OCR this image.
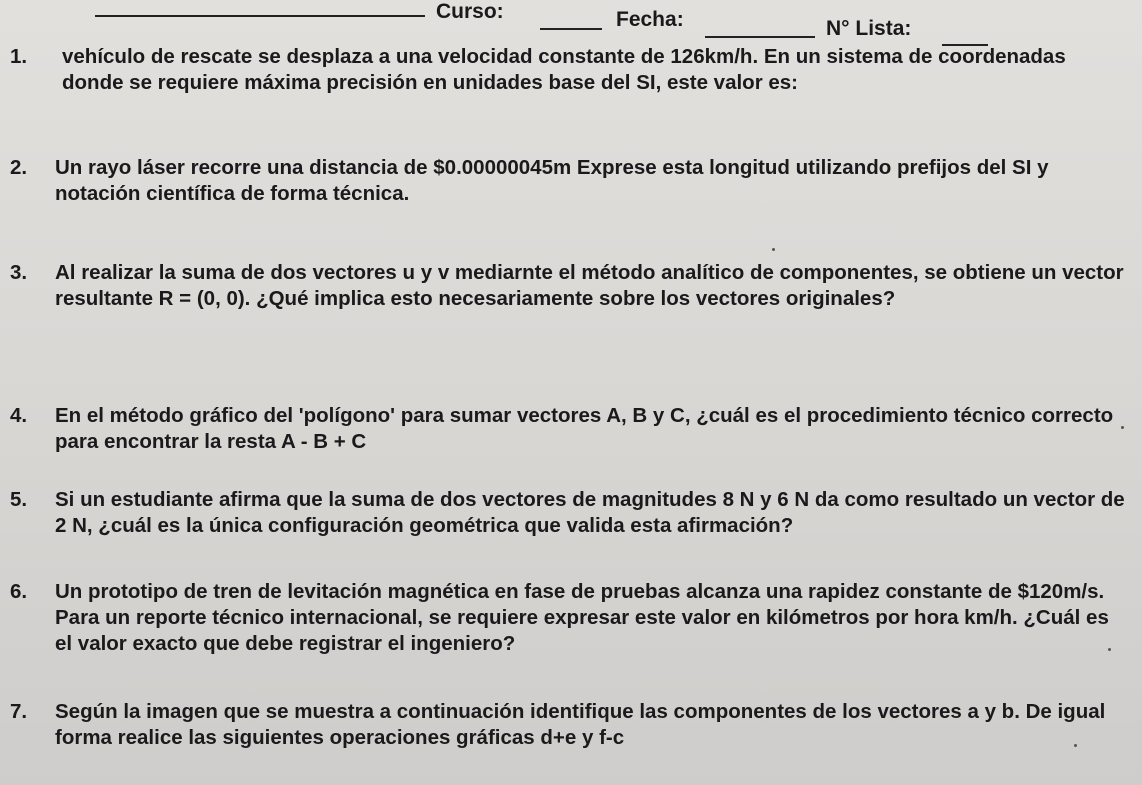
Curso:	Fecha:	N° Lista:
1. vehículo de rescate se desplaza a una velocidad constante de 126km/h. En un sistema de coordenadas donde se requiere máxima precisión en unidades base del SI, este valor es:
2. Un rayo láser recorre una distancia de $0.00000045m Exprese esta longitud utilizando prefijos del SI y notación científica de forma técnica.
3. Al realizar la suma de dos vectores u y v mediarnte el método analítico de componentes, se obtiene un vector resultante R = (0, 0). ¿Qué implica esto necesariamente sobre los vectores originales?
4. En el método gráfico del 'polígono' para sumar vectores A, B y C, ¿cuál es el procedimiento técnico correcto para encontrar la resta A - B + C
5. Si un estudiante afirma que la suma de dos vectores de magnitudes 8 N y 6 N da como resultado un vector de 2 N, ¿cuál es la única configuración geométrica que valida esta afirmación?
6. Un prototipo de tren de levitación magnética en fase de pruebas alcanza una rapidez constante de $120m/s. Para un reporte técnico internacional, se requiere expresar este valor en kilómetros por hora km/h. ¿Cuál es el valor exacto que debe registrar el ingeniero?
7. Según la imagen que se muestra a continuación identifique las componentes de los vectores a y b. De igual forma realice las siguientes operaciones gráficas d+e y f-c
